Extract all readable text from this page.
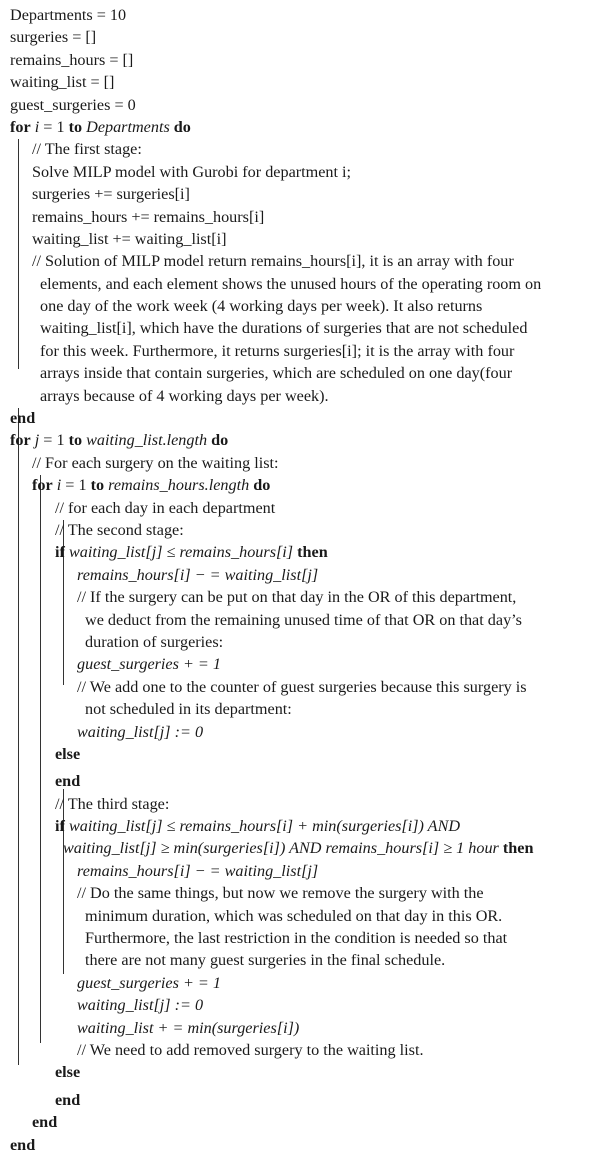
Departments = 10
surgeries = []
remains_hours = []
waiting_list = []
guest_surgeries = 0
for i = 1 to Departments do
// The first stage:
Solve MILP model with Gurobi for department i;
surgeries += surgeries[i]
remains_hours += remains_hours[i]
waiting_list += waiting_list[i]
// Solution of MILP model return remains_hours[i], it is an array with four
elements, and each element shows the unused hours of the operating room on
one day of the work week (4 working days per week). It also returns
waiting_list[i], which have the durations of surgeries that are not scheduled
for this week. Furthermore, it returns surgeries[i]; it is the array with four
arrays inside that contain surgeries, which are scheduled on one day(four
arrays because of 4 working days per week).
end
for j = 1 to waiting_list.length do
// For each surgery on the waiting list:
for i = 1 to remains_hours.length do
// for each day in each department
// The second stage:
if waiting_list[j] ≤ remains_hours[i] then
remains_hours[i] − = waiting_list[j]
// If the surgery can be put on that day in the OR of this department,
we deduct from the remaining unused time of that OR on that day’s
duration of surgeries:
guest_surgeries + = 1
// We add one to the counter of guest surgeries because this surgery is
not scheduled in its department:
waiting_list[j] := 0
else
end
// The third stage:
if waiting_list[j] ≤ remains_hours[i] + min(surgeries[i]) AND
waiting_list[j] ≥ min(surgeries[i]) AND remains_hours[i] ≥ 1 hour then
remains_hours[i] − = waiting_list[j]
// Do the same things, but now we remove the surgery with the
minimum duration, which was scheduled on that day in this OR.
Furthermore, the last restriction in the condition is needed so that
there are not many guest surgeries in the final schedule.
guest_surgeries + = 1
waiting_list[j] := 0
waiting_list + = min(surgeries[i])
// We need to add removed surgery to the waiting list.
else
end
end
end
